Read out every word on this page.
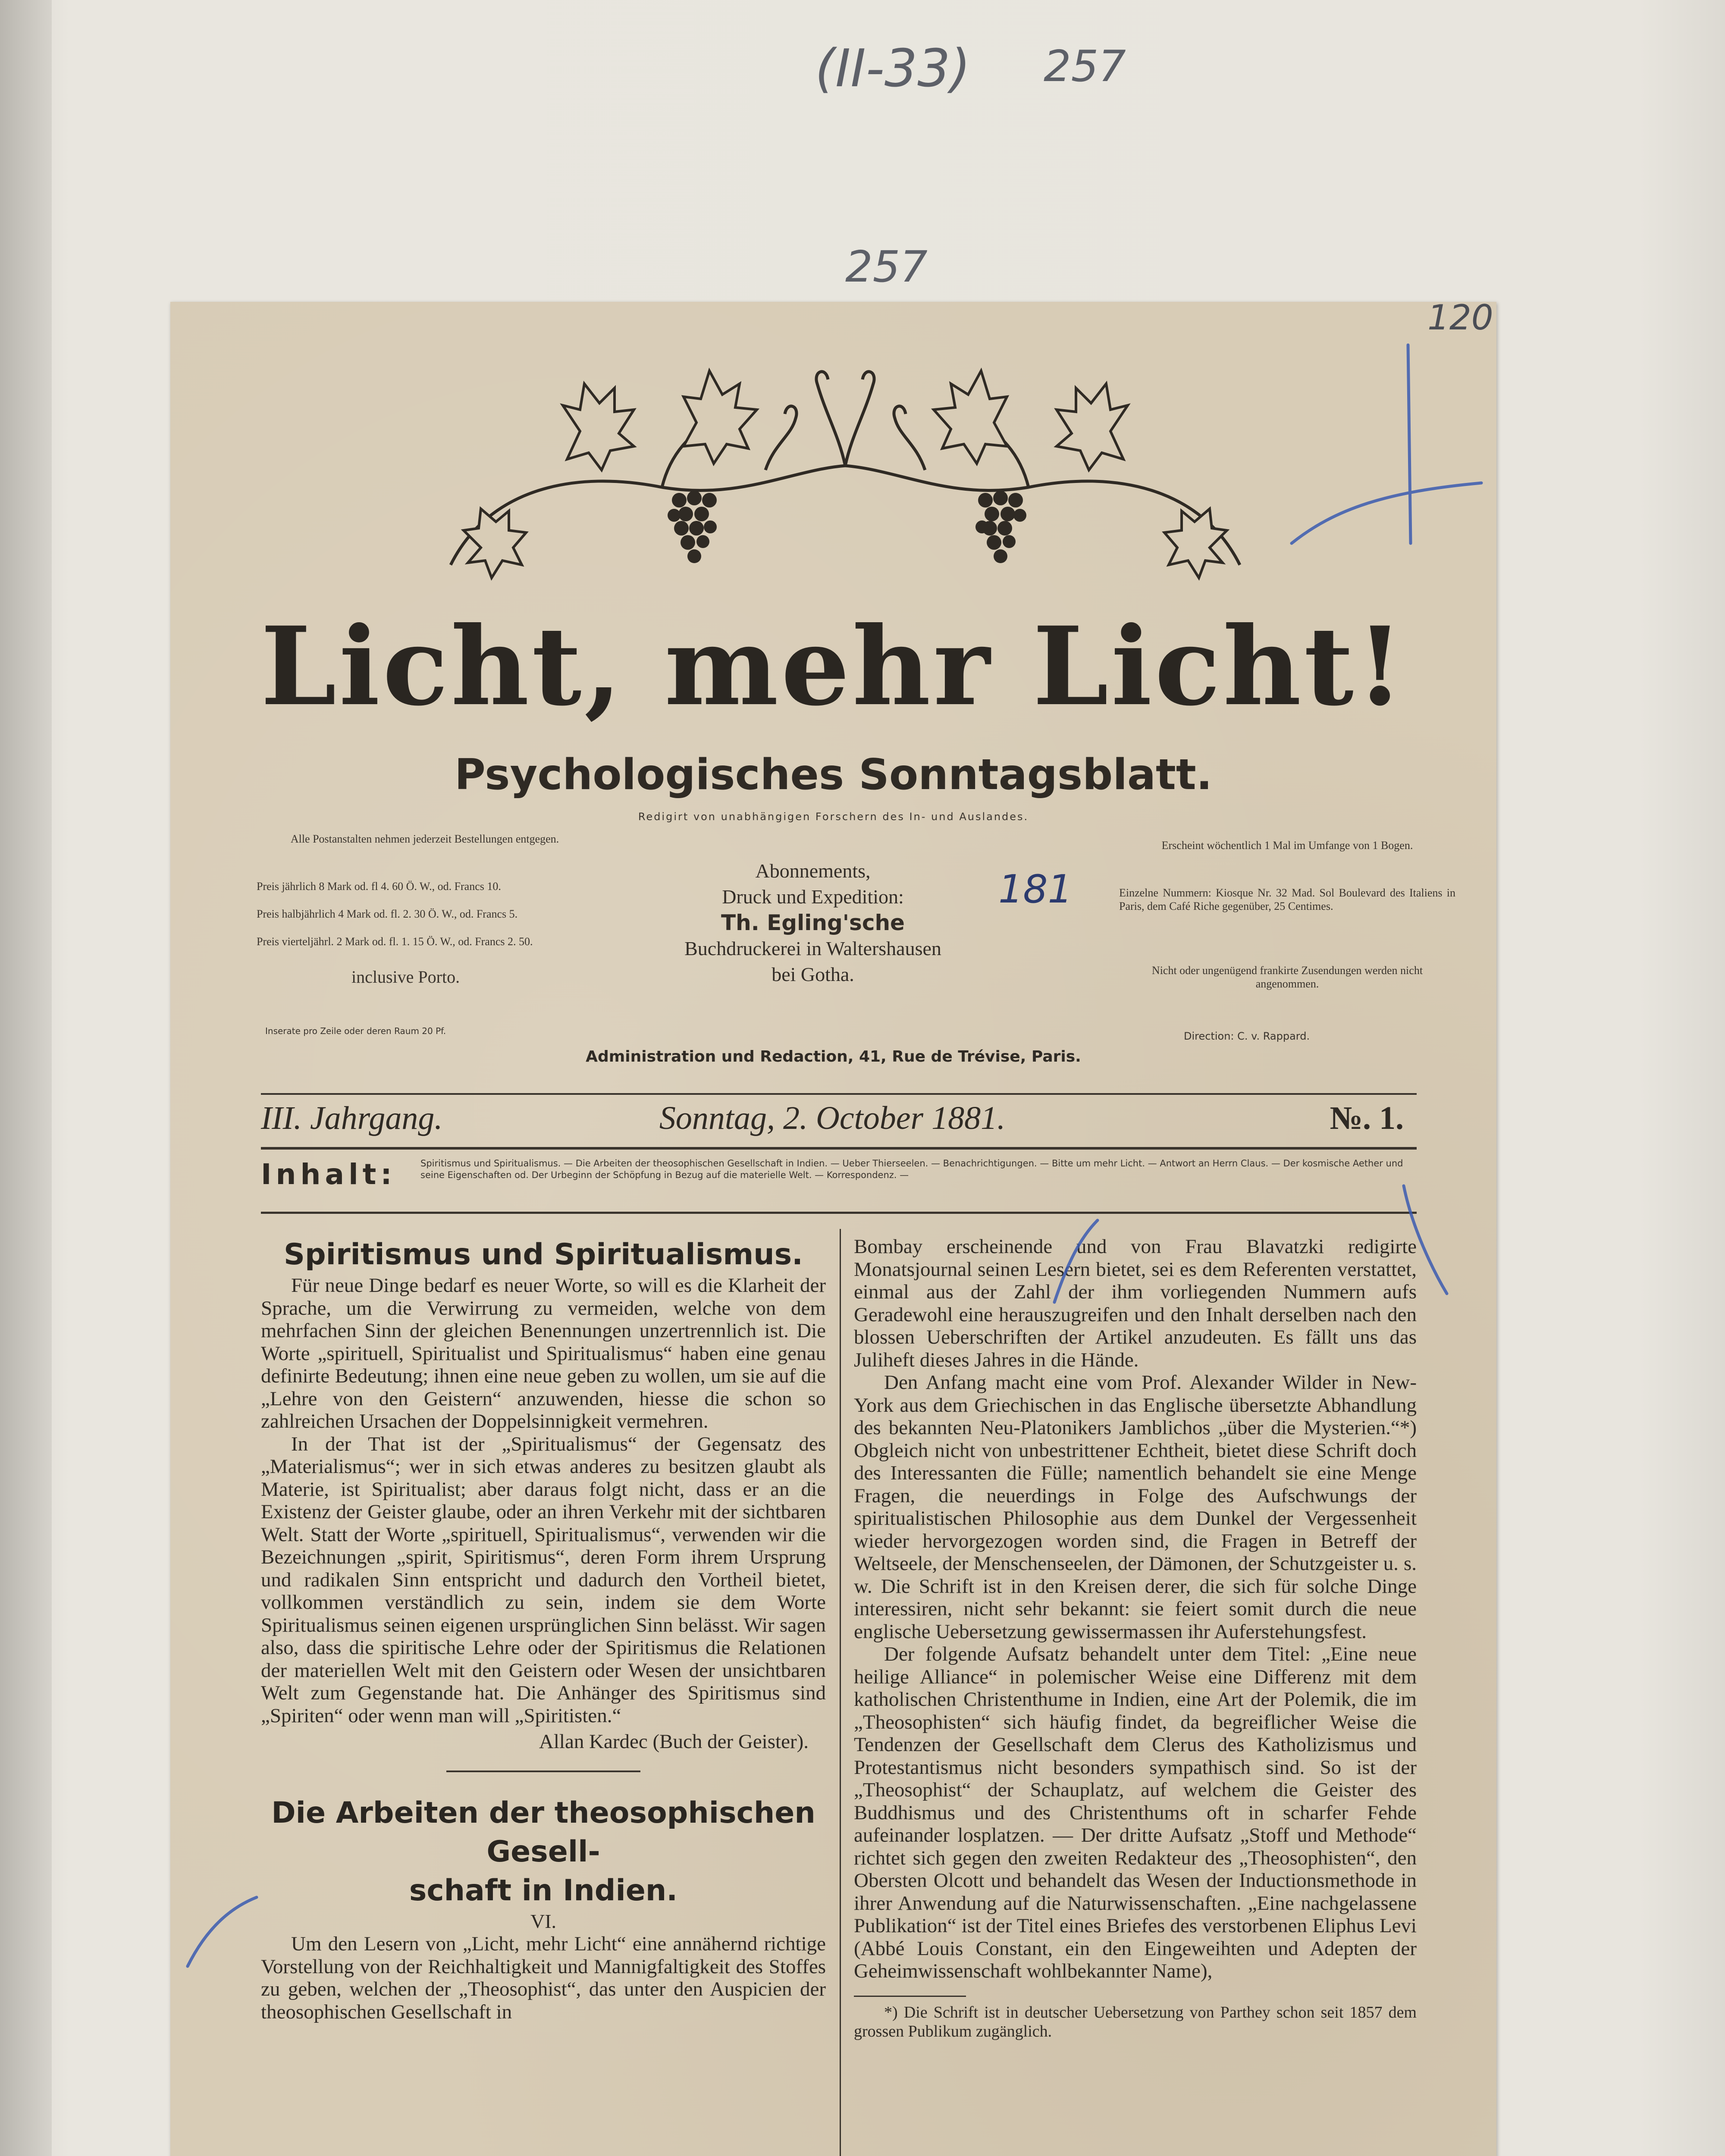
(II-33) 257
257
120
Licht, mehr Licht!
Psychologisches Sonntagsblatt.
Redigirt von unabhängigen Forschern des In- und Auslandes.
Alle Postanstalten nehmen jederzeit Bestellungen entgegen.
Preis jährlich 8 Mark od. fl 4. 60 Ö. W., od. Francs 10.
Preis halbjährlich 4 Mark od. fl. 2. 30 Ö. W., od. Francs 5.
Preis vierteljährl. 2 Mark od. fl. 1. 15 Ö. W., od. Francs 2. 50.
inclusive Porto.
Inserate pro Zeile oder deren Raum 20 Pf.
Abonnements,
Druck und Expedition:
Th. Egling'sche
Buchdruckerei in Waltershausen
bei Gotha.
181
Erscheint wöchentlich 1 Mal im Umfange von 1 Bogen.
Einzelne Nummern: Kiosque Nr. 32 Mad. Sol Boulevard des Italiens in Paris, dem Café Riche gegenüber, 25 Centimes.
Nicht oder ungenügend frankirte Zusendungen werden nicht angenommen.
Direction: C. v. Rappard.
Administration und Redaction, 41, Rue de Trévise, Paris.
III. Jahrgang.	Sonntag, 2. October 1881.	№. 1.
Inhalt:	Spiritismus und Spiritualismus. — Die Arbeiten der theosophischen Gesellschaft in Indien. — Ueber Thierseelen. — Benachrichtigungen. — Bitte um mehr Licht. — Antwort an Herrn Claus. — Der kosmische Aether und seine Eigenschaften od. Der Urbeginn der Schöpfung in Bezug auf die materielle Welt. — Korrespondenz. —
Spiritismus und Spiritualismus.

Für neue Dinge bedarf es neuer Worte, so will es die Klarheit der Sprache, um die Verwirrung zu vermeiden, welche von dem mehrfachen Sinn der gleichen Benennungen unzertrennlich ist. Die Worte „spirituell, Spiritualist und Spiritualismus“ haben eine genau definirte Bedeutung; ihnen eine neue geben zu wollen, um sie auf die „Lehre von den Geistern“ anzuwenden, hiesse die schon so zahlreichen Ursachen der Doppelsinnigkeit vermehren.

In der That ist der „Spiritualismus“ der Gegensatz des „Materialismus“; wer in sich etwas anderes zu besitzen glaubt als Materie, ist Spiritualist; aber daraus folgt nicht, dass er an die Existenz der Geister glaube, oder an ihren Verkehr mit der sichtbaren Welt. Statt der Worte „spirituell, Spiritualismus“, verwenden wir die Bezeichnungen „spirit, Spiritismus“, deren Form ihrem Ursprung und radikalen Sinn entspricht und dadurch den Vortheil bietet, vollkommen verständlich zu sein, indem sie dem Worte Spiritualismus seinen eigenen ursprünglichen Sinn belässt. Wir sagen also, dass die spiritische Lehre oder der Spiritismus die Relationen der materiellen Welt mit den Geistern oder Wesen der unsichtbaren Welt zum Gegenstande hat. Die Anhänger des Spiritismus sind „Spiriten“ oder wenn man will „Spiritisten.“

Allan Kardec (Buch der Geister).

Die Arbeiten der theosophischen Gesell-
schaft in Indien.
VI.

Um den Lesern von „Licht, mehr Licht“ eine annähernd richtige Vorstellung von der Reichhaltigkeit und Mannigfaltigkeit des Stoffes zu geben, welchen der „Theosophist“, das unter den Auspicien der theosophischen Gesellschaft in

Bombay erscheinende und von Frau Blavatzki redigirte Monatsjournal seinen Lesern bietet, sei es dem Referenten verstattet, einmal aus der Zahl der ihm vorliegenden Nummern aufs Geradewohl eine herauszugreifen und den Inhalt derselben nach den blossen Ueberschriften der Artikel anzudeuten. Es fällt uns das Juliheft dieses Jahres in die Hände.

Den Anfang macht eine vom Prof. Alexander Wilder in New-York aus dem Griechischen in das Englische übersetzte Abhandlung des bekannten Neu-Platonikers Jamblichos „über die Mysterien.“*) Obgleich nicht von unbestrittener Echtheit, bietet diese Schrift doch des Interessanten die Fülle; namentlich behandelt sie eine Menge Fragen, die neuerdings in Folge des Aufschwungs der spiritualistischen Philosophie aus dem Dunkel der Vergessenheit wieder hervorgezogen worden sind, die Fragen in Betreff der Weltseele, der Menschenseelen, der Dämonen, der Schutzgeister u. s. w. Die Schrift ist in den Kreisen derer, die sich für solche Dinge interessiren, nicht sehr bekannt: sie feiert somit durch die neue englische Uebersetzung gewissermassen ihr Auferstehungsfest.

Der folgende Aufsatz behandelt unter dem Titel: „Eine neue heilige Alliance“ in polemischer Weise eine Differenz mit dem katholischen Christenthume in Indien, eine Art der Polemik, die im „Theosophisten“ sich häufig findet, da begreiflicher Weise die Tendenzen der Gesellschaft dem Clerus des Katholizismus und Protestantismus nicht besonders sympathisch sind. So ist der „Theosophist“ der Schauplatz, auf welchem die Geister des Buddhismus und des Christenthums oft in scharfer Fehde aufeinander losplatzen. — Der dritte Aufsatz „Stoff und Methode“ richtet sich gegen den zweiten Redakteur des „Theosophisten“, den Obersten Olcott und behandelt das Wesen der Inductionsmethode in ihrer Anwendung auf die Naturwissenschaften. „Eine nachgelassene Publikation“ ist der Titel eines Briefes des verstorbenen Eliphus Levi (Abbé Louis Constant, ein den Eingeweihten und Adepten der Geheimwissenschaft wohlbekannter Name),

*) Die Schrift ist in deutscher Uebersetzung von Parthey schon seit 1857 dem grossen Publikum zugänglich.
